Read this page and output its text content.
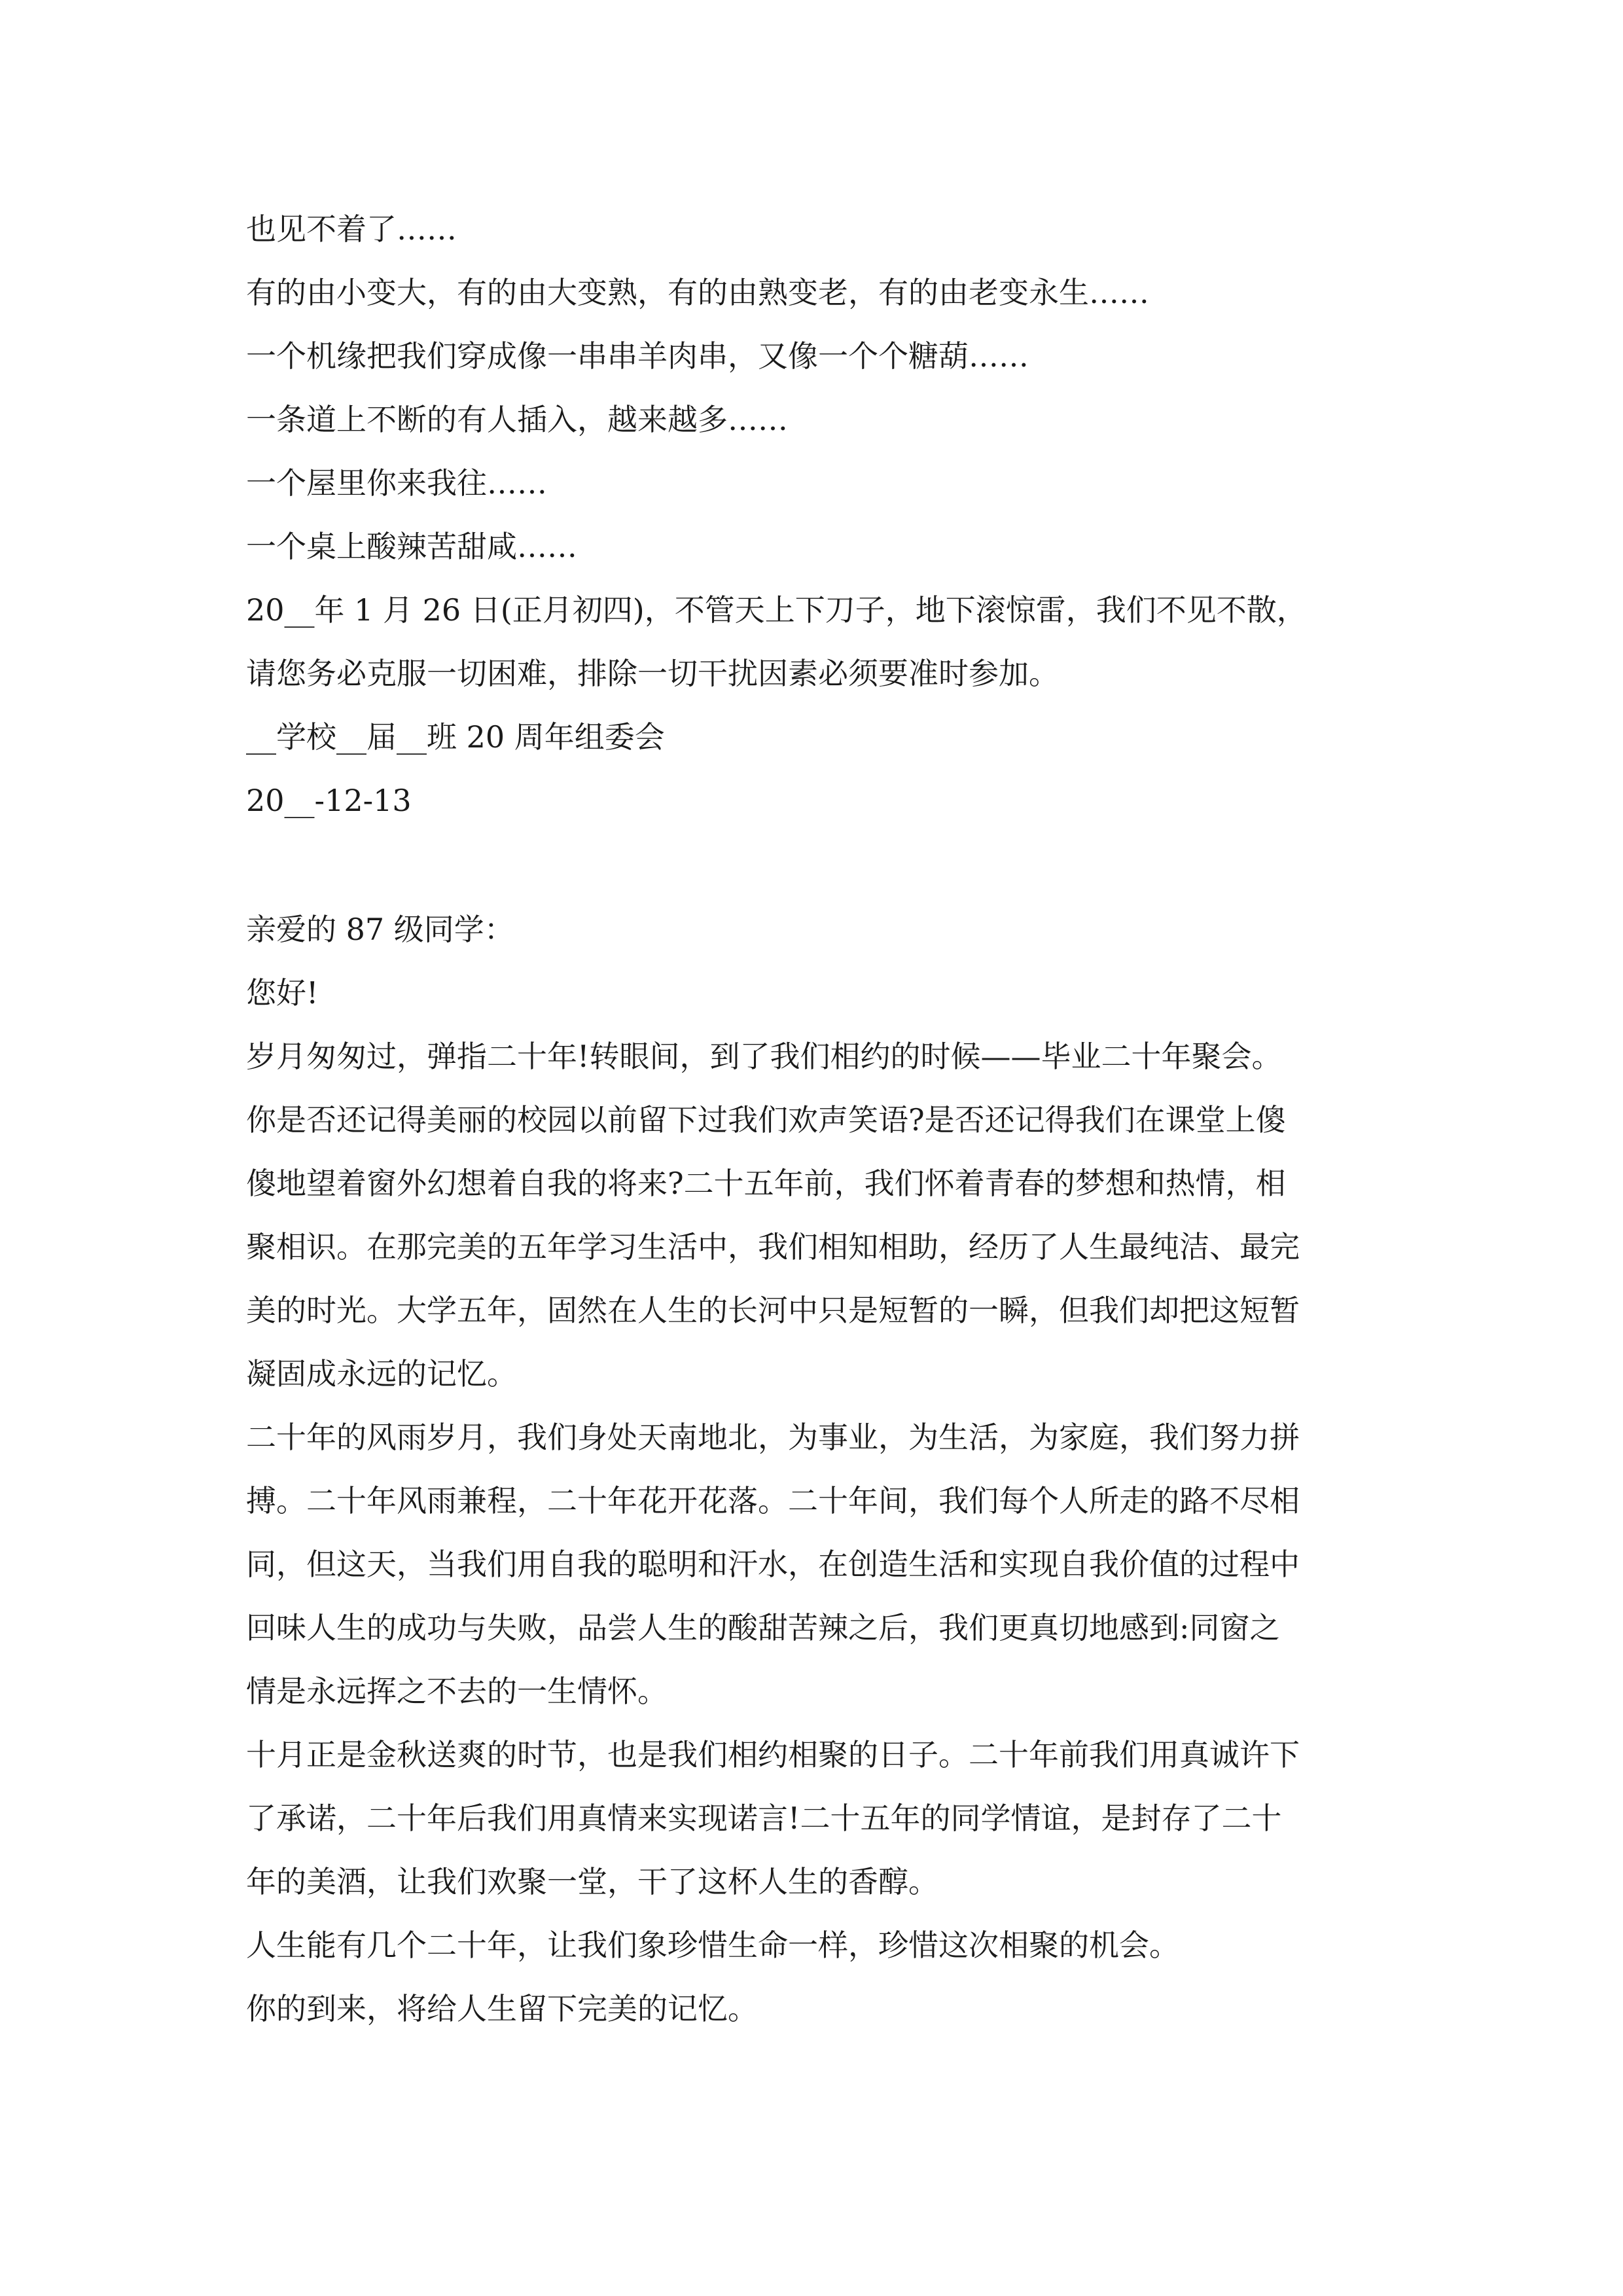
也见不着了……
有的由小变大，有的由大变熟，有的由熟变老，有的由老变永生……
一个机缘把我们穿成像一串串羊肉串，又像一个个糖葫……
一条道上不断的有人插入，越来越多……
一个屋里你来我往……
一个桌上酸辣苦甜咸……
20__年 1 月 26 日(正月初四)，不管天上下刀子，地下滚惊雷，我们不见不散，
请您务必克服一切困难，排除一切干扰因素必须要准时参加。
__学校__届__班 20 周年组委会
20__-12-13
亲爱的 87 级同学：
您好!
岁月匆匆过，弹指二十年!转眼间，到了我们相约的时候——毕业二十年聚会。
你是否还记得美丽的校园以前留下过我们欢声笑语?是否还记得我们在课堂上傻
傻地望着窗外幻想着自我的将来?二十五年前，我们怀着青春的梦想和热情，相
聚相识。在那完美的五年学习生活中，我们相知相助，经历了人生最纯洁、最完
美的时光。大学五年，固然在人生的长河中只是短暂的一瞬，但我们却把这短暂
凝固成永远的记忆。
二十年的风雨岁月，我们身处天南地北，为事业，为生活，为家庭，我们努力拼
搏。二十年风雨兼程，二十年花开花落。二十年间，我们每个人所走的路不尽相
同，但这天，当我们用自我的聪明和汗水，在创造生活和实现自我价值的过程中
回味人生的成功与失败，品尝人生的酸甜苦辣之后，我们更真切地感到:同窗之
情是永远挥之不去的一生情怀。
十月正是金秋送爽的时节，也是我们相约相聚的日子。二十年前我们用真诚许下
了承诺，二十年后我们用真情来实现诺言!二十五年的同学情谊，是封存了二十
年的美酒，让我们欢聚一堂，干了这杯人生的香醇。
人生能有几个二十年，让我们象珍惜生命一样，珍惜这次相聚的机会。
你的到来，将给人生留下完美的记忆。
